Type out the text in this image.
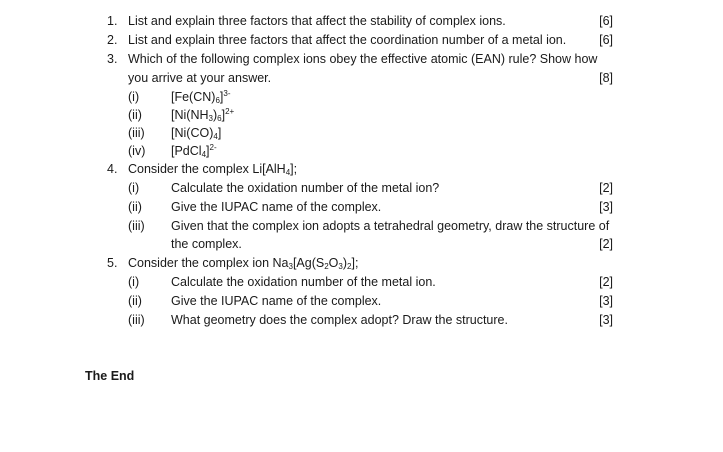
1. List and explain three factors that affect the stability of complex ions.	[6]
2. List and explain three factors that affect the coordination number of a metal ion.	[6]
3. Which of the following complex ions obey the effective atomic (EAN) rule? Show how
you arrive at your answer.	[8]
(i)	$[Fe(CN)_6]^{3-}$
(ii) $[Ni(NH_3)_6]^{2+}$
(iii) $[Ni(CO)_4]$
(iv) [PdCl$_4$]$^{2-}$
4. Consider the complex Li[AlH$_4$];
(i)	Calculate the oxidation number of the metal ion?	[2]
(ii) Give the IUPAC name of the complex.	[3]
(iii) Given that the complex ion adopts a tetrahedral geometry, draw the structure of
the complex.	[2]
5. Consider the complex ion $Na_3[Ag(S_2O_3)_2]$;
(i)	Calculate the oxidation number of the metal ion.	[2]
(ii) Give the IUPAC name of the complex.	[3]
(iii) What geometry does the complex adopt? Draw the structure.	[3]
The End
